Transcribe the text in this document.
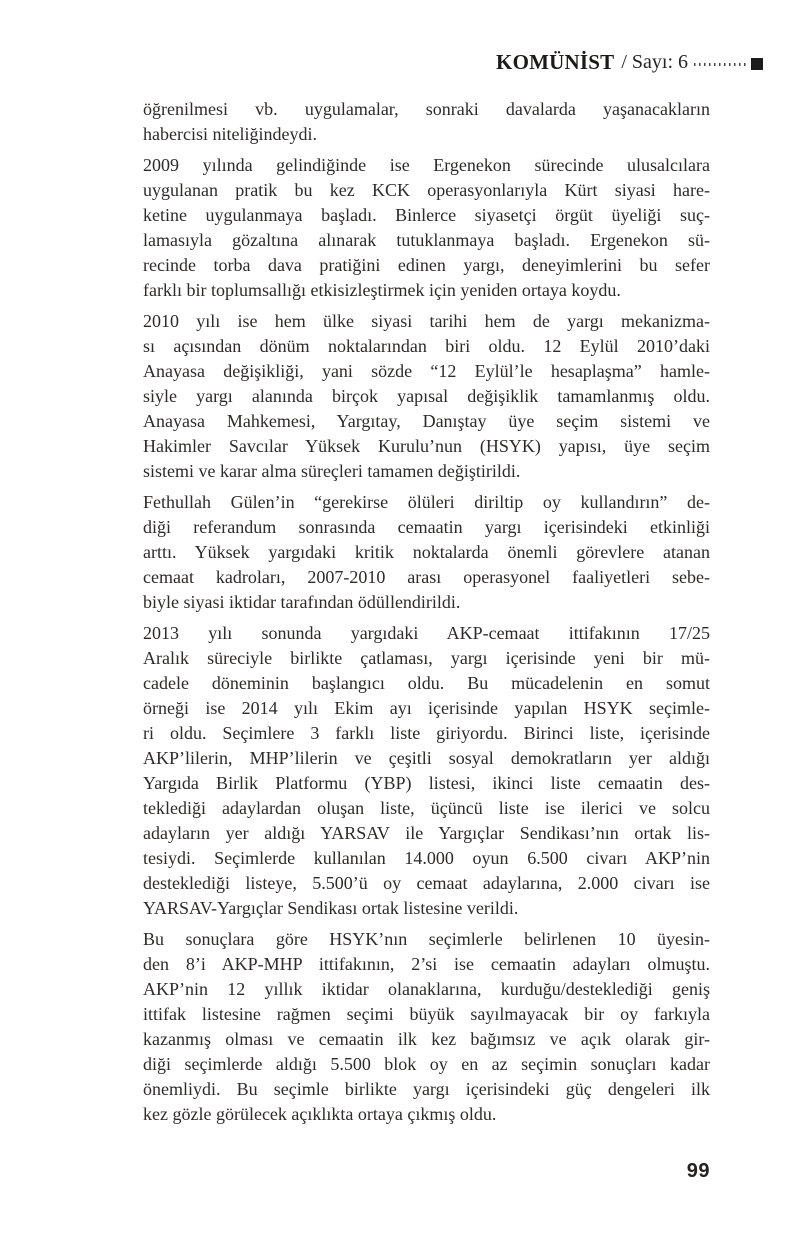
KOMÜNİST / Sayı: 6

öğrenilmesi vb. uygulamalar, sonraki davalarda yaşanacakların
habercisi niteliğindeydi.

2009 yılında gelindiğinde ise Ergenekon sürecinde ulusalcılara
uygulanan pratik bu kez KCK operasyonlarıyla Kürt siyasi hare-
ketine uygulanmaya başladı. Binlerce siyasetçi örgüt üyeliği suç-
lamasıyla gözaltına alınarak tutuklanmaya başladı. Ergenekon sü-
recinde torba dava pratiğini edinen yargı, deneyimlerini bu sefer
farklı bir toplumsallığı etkisizleştirmek için yeniden ortaya koydu.

2010 yılı ise hem ülke siyasi tarihi hem de yargı mekanizma-
sı açısından dönüm noktalarından biri oldu. 12 Eylül 2010’daki
Anayasa değişikliği, yani sözde “12 Eylül’le hesaplaşma” hamle-
siyle yargı alanında birçok yapısal değişiklik tamamlanmış oldu.
Anayasa Mahkemesi, Yargıtay, Danıştay üye seçim sistemi ve
Hakimler Savcılar Yüksek Kurulu’nun (HSYK) yapısı, üye seçim
sistemi ve karar alma süreçleri tamamen değiştirildi.

Fethullah Gülen’in “gerekirse ölüleri diriltip oy kullandırın” de-
diği referandum sonrasında cemaatin yargı içerisindeki etkinliği
arttı. Yüksek yargıdaki kritik noktalarda önemli görevlere atanan
cemaat kadroları, 2007-2010 arası operasyonel faaliyetleri sebe-
biyle siyasi iktidar tarafından ödüllendirildi.

2013 yılı sonunda yargıdaki AKP-cemaat ittifakının 17/25
Aralık süreciyle birlikte çatlaması, yargı içerisinde yeni bir mü-
cadele döneminin başlangıcı oldu. Bu mücadelenin en somut
örneği ise 2014 yılı Ekim ayı içerisinde yapılan HSYK seçimle-
ri oldu. Seçimlere 3 farklı liste giriyordu. Birinci liste, içerisinde
AKP’lilerin, MHP’lilerin ve çeşitli sosyal demokratların yer aldığı
Yargıda Birlik Platformu (YBP) listesi, ikinci liste cemaatin des-
teklediği adaylardan oluşan liste, üçüncü liste ise ilerici ve solcu
adayların yer aldığı YARSAV ile Yargıçlar Sendikası’nın ortak lis-
tesiydi. Seçimlerde kullanılan 14.000 oyun 6.500 civarı AKP’nin
desteklediği listeye, 5.500’ü oy cemaat adaylarına, 2.000 civarı ise
YARSAV-Yargıçlar Sendikası ortak listesine verildi.

Bu sonuçlara göre HSYK’nın seçimlerle belirlenen 10 üyesin-
den 8’i AKP-MHP ittifakının, 2’si ise cemaatin adayları olmuştu.
AKP’nin 12 yıllık iktidar olanaklarına, kurduğu/desteklediği geniş
ittifak listesine rağmen seçimi büyük sayılmayacak bir oy farkıyla
kazanmış olması ve cemaatin ilk kez bağımsız ve açık olarak gir-
diği seçimlerde aldığı 5.500 blok oy en az seçimin sonuçları kadar
önemliydi. Bu seçimle birlikte yargı içerisindeki güç dengeleri ilk
kez gözle görülecek açıklıkta ortaya çıkmış oldu.

99
